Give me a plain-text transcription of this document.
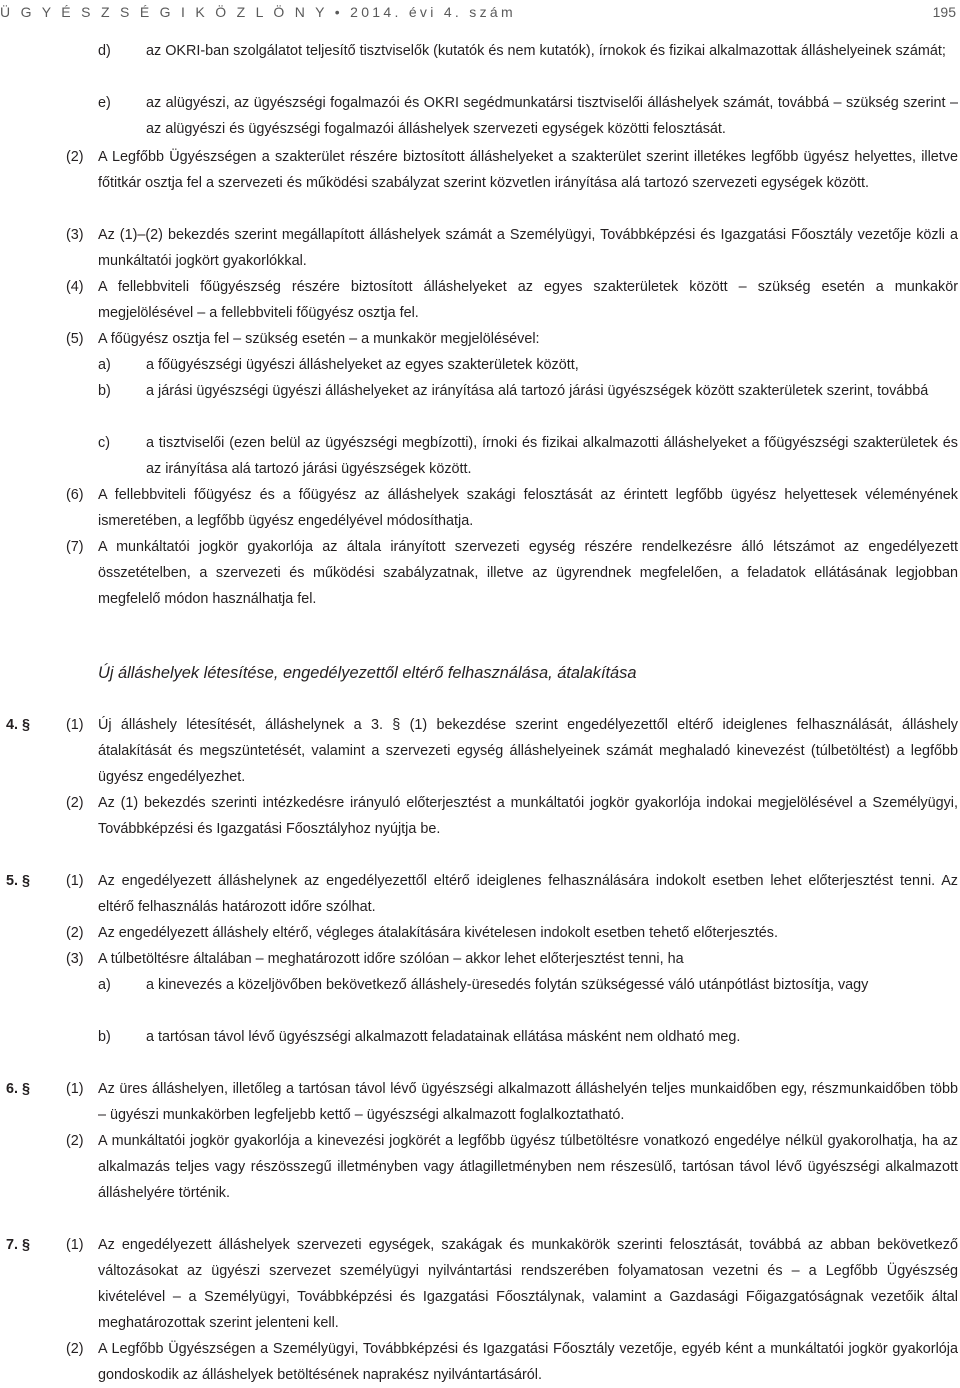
Ü G Y É S Z S É G I K Ö Z L Ö N Y • 2014. évi 4. szám	195
d) az OKRI-ban szolgálatot teljesítő tisztviselők (kutatók és nem kutatók), írnokok és fizikai alkalmazottak álláshelyeinek számát;
e) az alügyészi, az ügyészségi fogalmazói és OKRI segédmunkatársi tisztviselői álláshelyek számát, továbbá – szükség szerint – az alügyészi és ügyészségi fogalmazói álláshelyek szervezeti egységek közötti felosztását.
(2) A Legfőbb Ügyészségen a szakterület részére biztosított álláshelyeket a szakterület szerint illetékes legfőbb ügyész helyettes, illetve főtitkár osztja fel a szervezeti és működési szabályzat szerint közvetlen irányítása alá tartozó szervezeti egységek között.
(3) Az (1)–(2) bekezdés szerint megállapított álláshelyek számát a Személyügyi, Továbbképzési és Igazgatási Főosztály vezetője közli a munkáltatói jogkört gyakorlókkal.
(4) A fellebbviteli főügyészség részére biztosított álláshelyeket az egyes szakterületek között – szükség esetén a munkakör megjelölésével – a fellebbviteli főügyész osztja fel.
(5) A főügyész osztja fel – szükség esetén – a munkakör megjelölésével:
a) a főügyészségi ügyészi álláshelyeket az egyes szakterületek között,
b) a járási ügyészségi ügyészi álláshelyeket az irányítása alá tartozó járási ügyészségek között szakterületek szerint, továbbá
c)	a tisztviselői (ezen belül az ügyészségi megbízotti), írnoki és fizikai alkalmazotti álláshelyeket a főügyészségi szakterületek és az irányítása alá tartozó járási ügyészségek között.
(6) A fellebbviteli főügyész és a főügyész az álláshelyek szakági felosztását az érintett legfőbb ügyész helyettesek véleményének ismeretében, a legfőbb ügyész engedélyével módosíthatja.
(7) A munkáltatói jogkör gyakorlója az általa irányított szervezeti egység részére rendelkezésre álló létszámot az engedélyezett összetételben, a szervezeti és működési szabályzatnak, illetve az ügyrendnek megfelelően, a feladatok ellátásának legjobban megfelelő módon használhatja fel.
Új álláshelyek létesítése, engedélyezettől eltérő felhasználása, átalakítása
4. § (1) Új álláshely létesítését, álláshelynek a 3. § (1) bekezdése szerint engedélyezettől eltérő ideiglenes felhasználását, álláshely átalakítását és megszüntetését, valamint a szervezeti egység álláshelyeinek számát meghaladó kinevezést (túlbetöltést) a legfőbb ügyész engedélyezhet.
(2) Az (1) bekezdés szerinti intézkedésre irányuló előterjesztést a munkáltatói jogkör gyakorlója indokai megjelölésével a Személyügyi, Továbbképzési és Igazgatási Főosztályhoz nyújtja be.
5. § (1) Az engedélyezett álláshelynek az engedélyezettől eltérő ideiglenes felhasználására indokolt esetben lehet előterjesztést tenni. Az eltérő felhasználás határozott időre szólhat.
(2) Az engedélyezett álláshely eltérő, végleges átalakítására kivételesen indokolt esetben tehető előterjesztés.
(3) A túlbetöltésre általában – meghatározott időre szólóan – akkor lehet előterjesztést tenni, ha
a) a kinevezés a közeljövőben bekövetkező álláshely-üresedés folytán szükségessé váló utánpótlást biztosítja, vagy
b) a tartósan távol lévő ügyészségi alkalmazott feladatainak ellátása másként nem oldható meg.
6. § (1) Az üres álláshelyen, illetőleg a tartósan távol lévő ügyészségi alkalmazott álláshelyén teljes munkaidőben egy, részmunkaidőben több – ügyészi munkakörben legfeljebb kettő – ügyészségi alkalmazott foglalkoztatható.
(2) A munkáltatói jogkör gyakorlója a kinevezési jogkörét a legfőbb ügyész túlbetöltésre vonatkozó engedélye nélkül gyakorolhatja, ha az alkalmazás teljes vagy részösszegű illetményben vagy átlagilletményben nem részesülő, tartósan távol lévő ügyészségi alkalmazott álláshelyére történik.
7. § (1) Az engedélyezett álláshelyek szervezeti egységek, szakágak és munkakörök szerinti felosztását, továbbá az abban bekövetkező változásokat az ügyészi szervezet személyügyi nyilvántartási rendszerében folyamatosan vezetni és – a Legfőbb Ügyészség kivételével – a Személyügyi, Továbbképzési és Igazgatási Főosztálynak, valamint a Gazdasági Főigazgatóságnak vezetőik által meghatározottak szerint jelenteni kell.
(2) A Legfőbb Ügyészségen a Személyügyi, Továbbképzési és Igazgatási Főosztály vezetője, egyéb ként a munkáltatói jogkör gyakorlója gondoskodik az álláshelyek betöltésének naprakész nyilvántartásáról.
